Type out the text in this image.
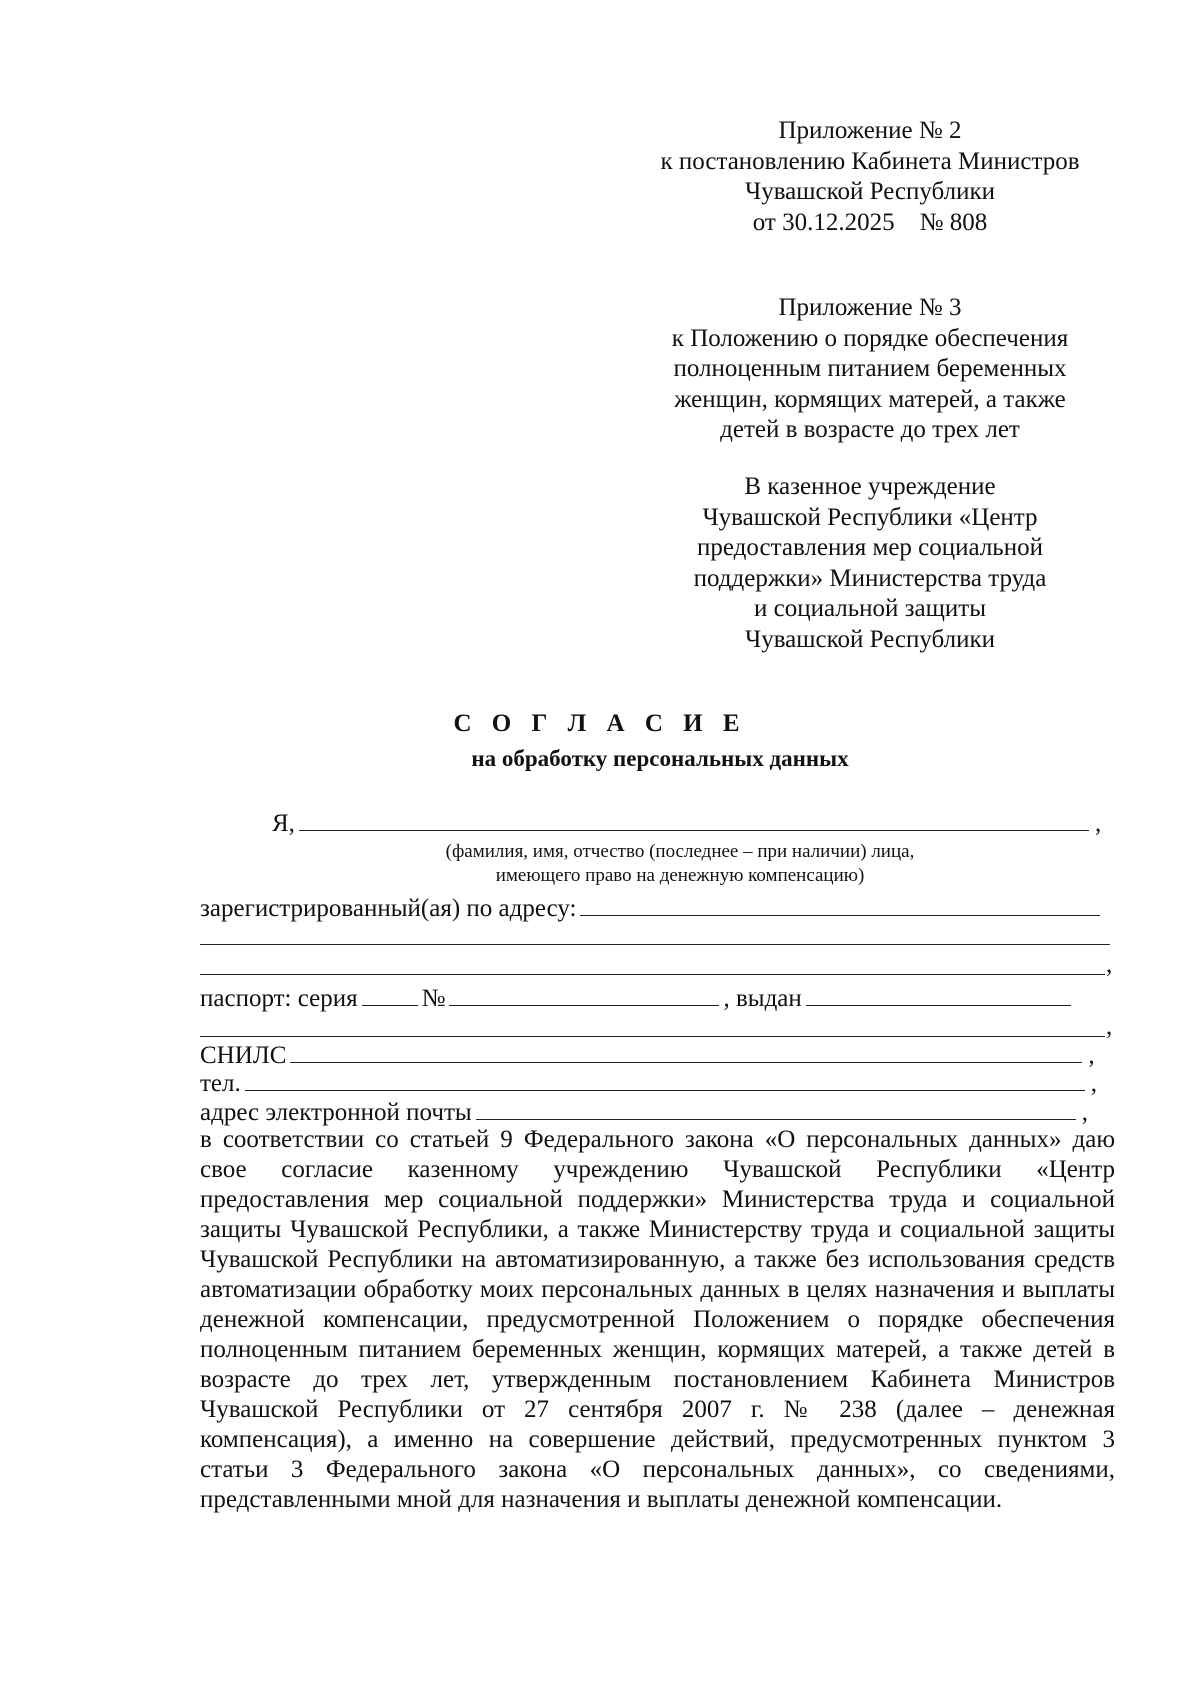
Приложение № 2
к постановлению Кабинета Министров
Чувашской Республики
от 30.12.2025    № 808
Приложение № 3
к Положению о порядке обеспечения
полноценным питанием беременных
женщин, кормящих матерей, а также
детей в возрасте до трех лет
В казенное учреждение
Чувашской Республики «Центр
предоставления мер социальной
поддержки» Министерства труда
и социальной защиты
Чувашской Республики
С О Г Л А С И Е
на обработку персональных данных
Я,	,
(фамилия, имя, отчество (последнее – при наличии) лица,
имеющего право на денежную компенсацию)
зарегистрированный(ая) по адресу:
,
паспорт: серия	№	, выдан
,
СНИЛС	,
тел.	,
адрес электронной почты	,
в соответствии со статьей 9 Федерального закона «О персональных данных» даю свое согласие казенному учреждению Чувашской Республики «Центр предоставления мер социальной поддержки» Министерства труда и социальной защиты Чувашской Республики, а также Министерству труда и социальной защиты Чувашской Республики на автоматизированную, а также без использования средств автоматизации обработку моих персональных данных в целях назначения и выплаты денежной компенсации, предусмотренной Положением о порядке обеспечения полноценным питанием беременных женщин, кормящих матерей, а также детей в возрасте до трех лет, утвержденным постановлением Кабинета Министров Чувашской Республики от 27 сентября 2007 г. № 238 (далее – денежная компенсация), а именно на совершение действий, предусмотренных пунктом 3 статьи 3 Федерального закона «О персональных данных», со сведениями, представленными мной для назначения и выплаты денежной компенсации.
